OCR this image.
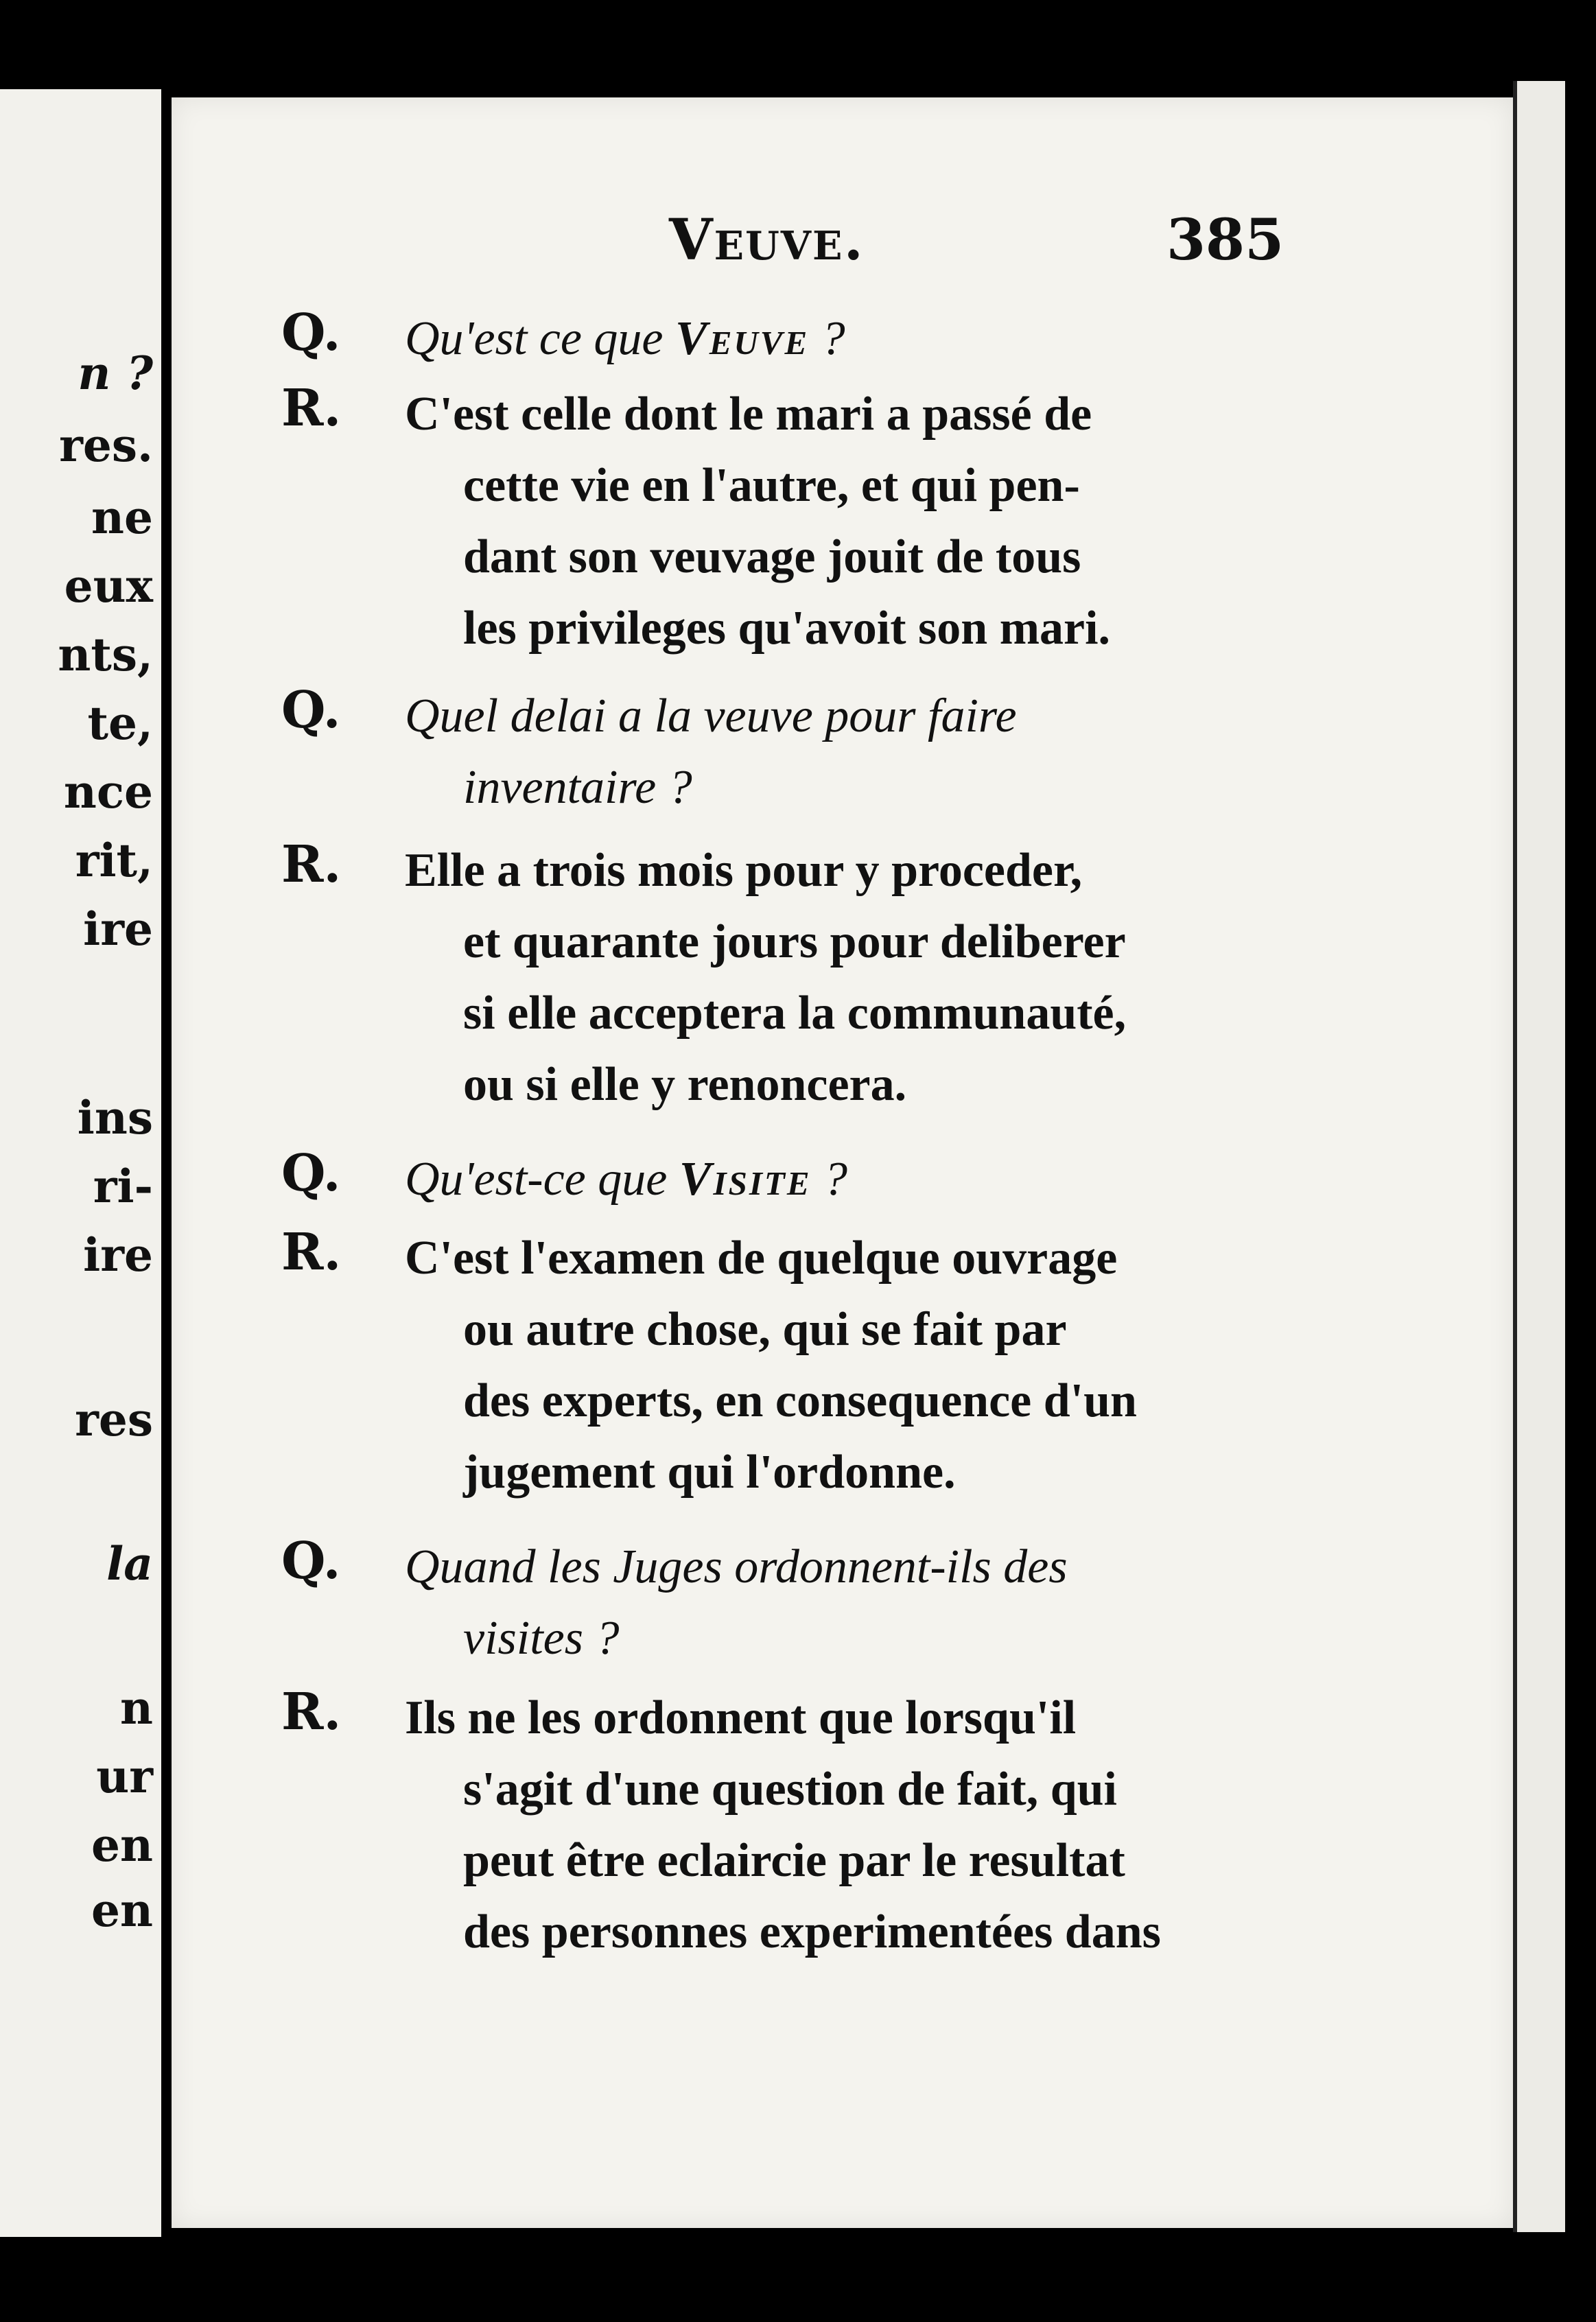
n ?
res.
ne
eux
nts,
te,
nce
rit,
ire
ins
ri-
ire
res
la
n
ur
en
en
Veuve.	385
Q. Qu'est ce que Veuve ?
R. C'est celle dont le mari a passé de
cette vie en l'autre, et qui pen-
dant son veuvage jouit de tous
les privileges qu'avoit son mari.
Q. Quel delai a la veuve pour faire
inventaire ?
R. Elle a trois mois pour y proceder,
et quarante jours pour deliberer
si elle acceptera la communauté,
ou si elle y renoncera.
Q. Qu'est-ce que Visite ?
R. C'est l'examen de quelque ouvrage
ou autre chose, qui se fait par
des experts, en consequence d'un
jugement qui l'ordonne.
Q. Quand les Juges ordonnent-ils des
visites ?
R. Ils ne les ordonnent que lorsqu'il
s'agit d'une question de fait, qui
peut être eclaircie par le resultat
des personnes experimentées dans
